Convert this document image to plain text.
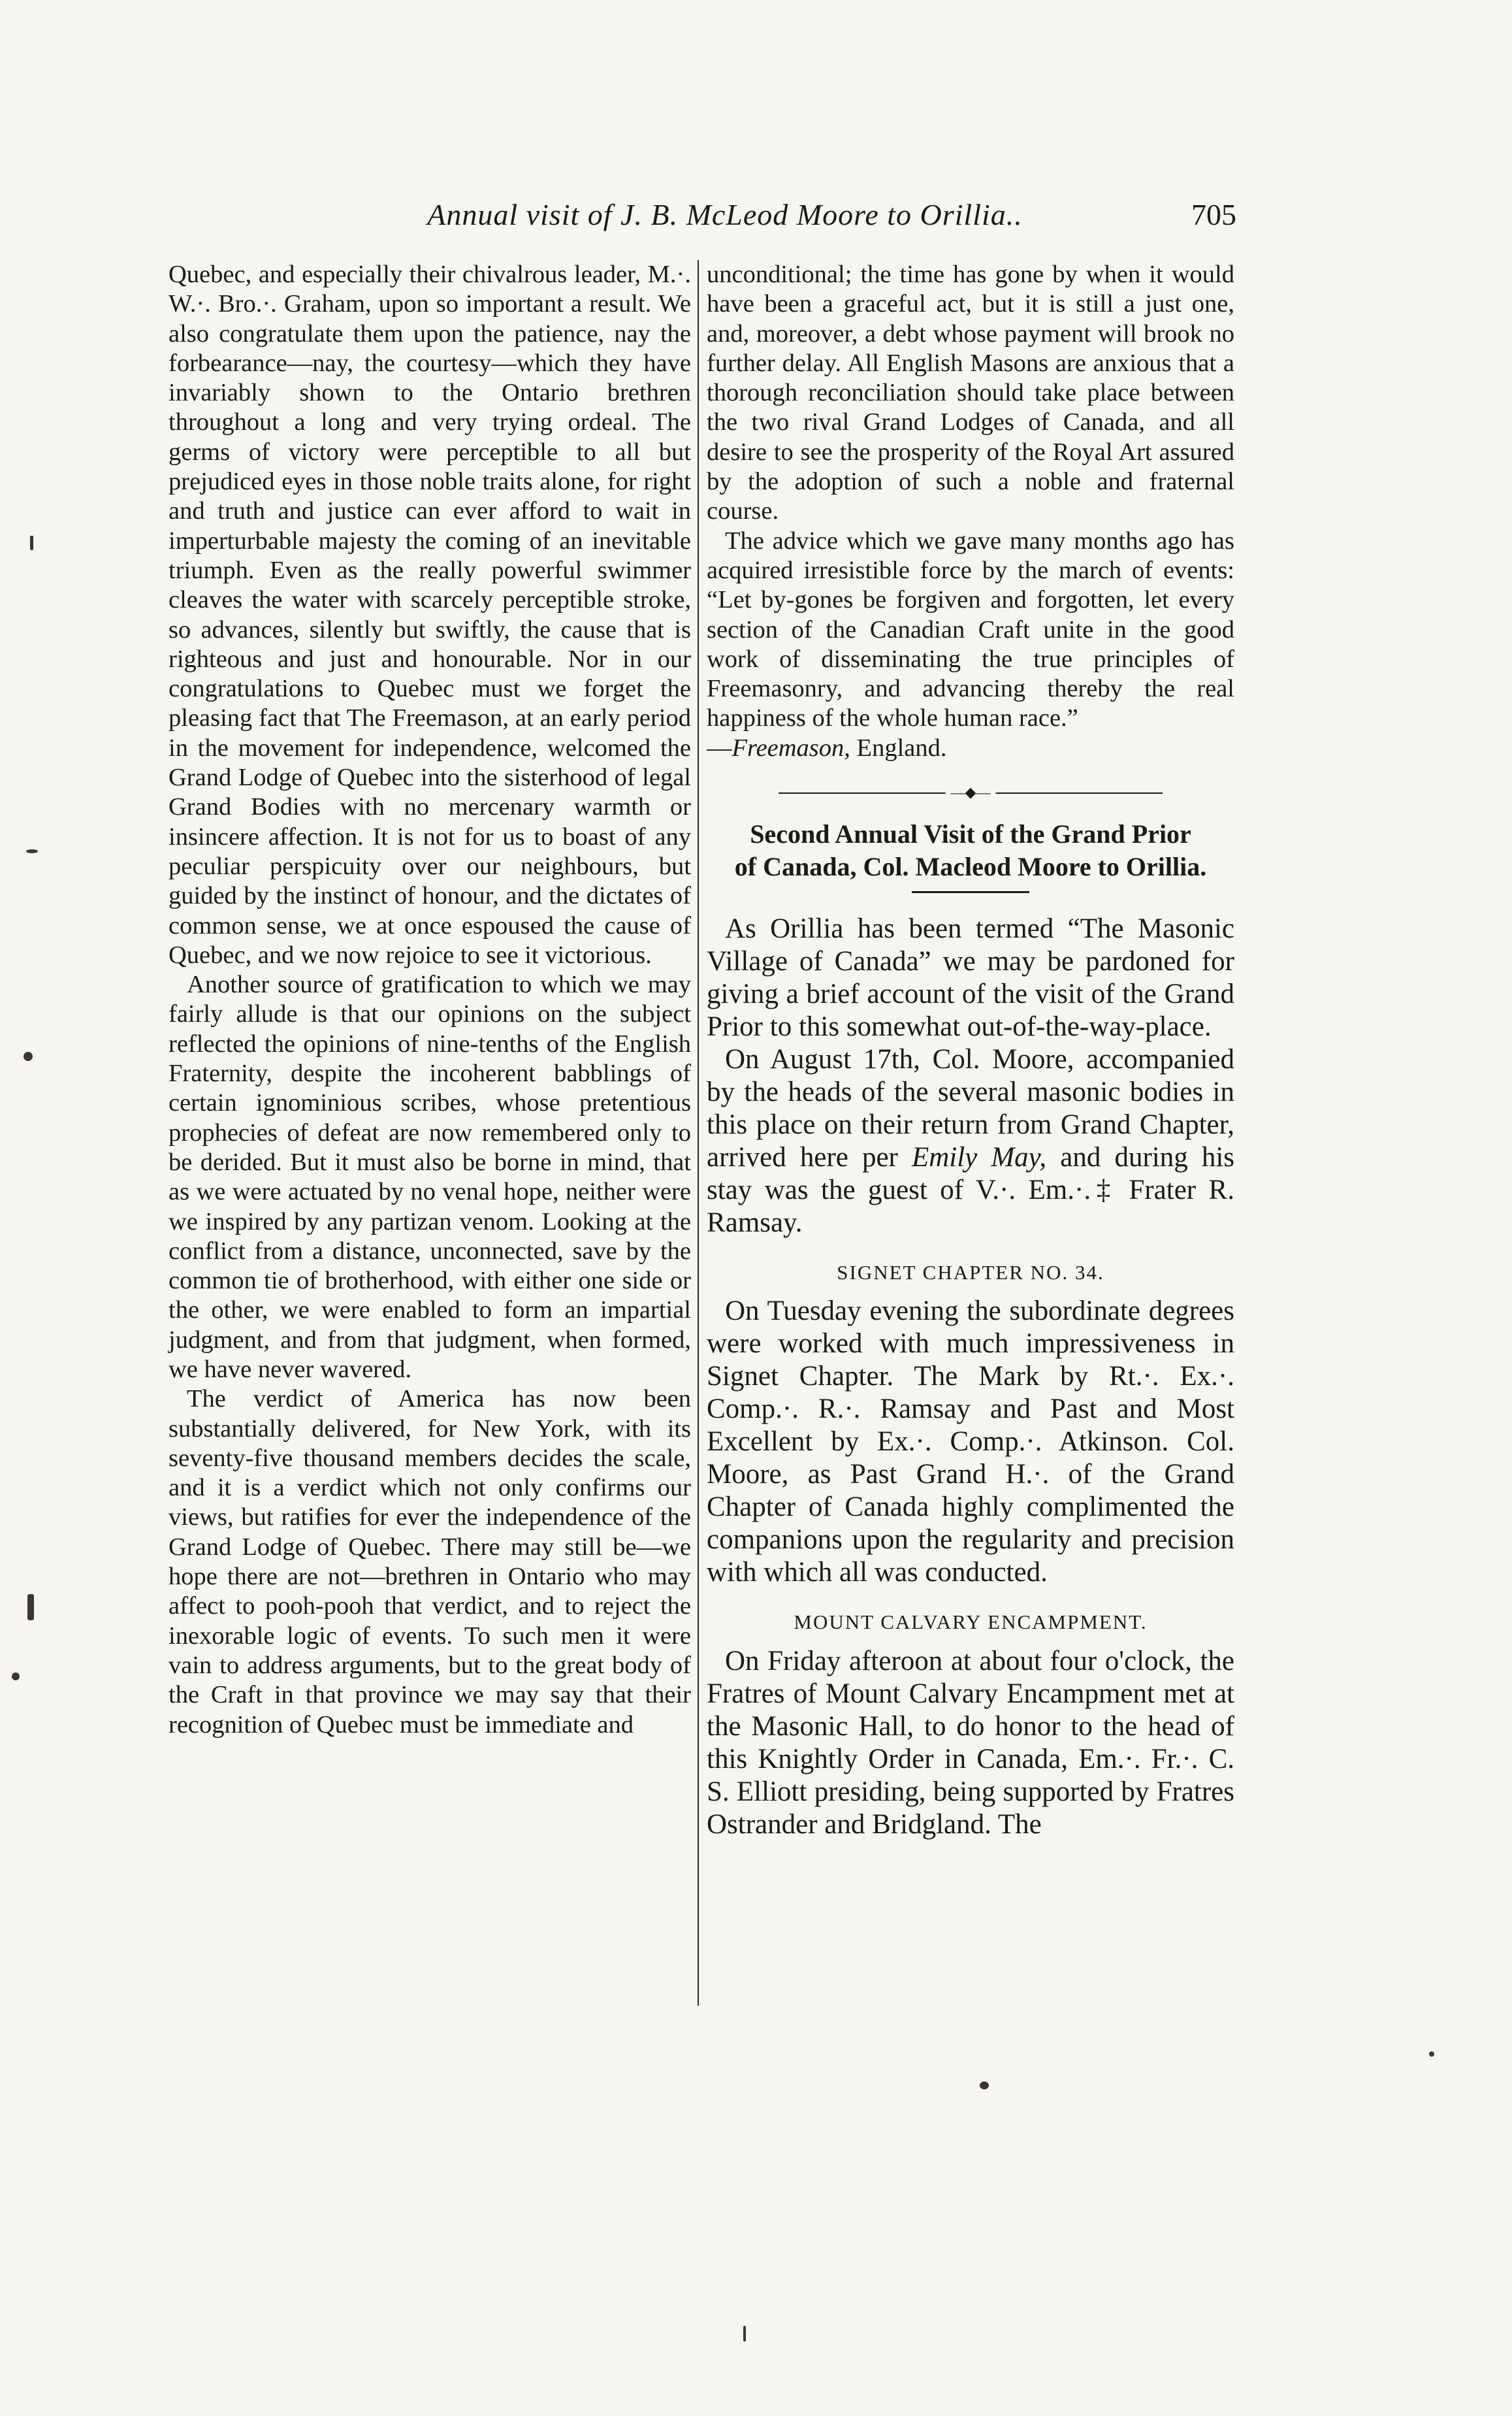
Annual visit of J. B. McLeod Moore to Orillia..	705

Quebec, and especially their chivalrous leader, M.·. W.·. Bro.·. Graham, upon so important a result. We also congratulate them upon the patience, nay the forbearance—nay, the courtesy—which they have invariably shown to the Ontario brethren throughout a long and very trying ordeal. The germs of victory were perceptible to all but prejudiced eyes in those noble traits alone, for right and truth and justice can ever afford to wait in imperturbable majesty the coming of an inevitable triumph. Even as the really powerful swimmer cleaves the water with scarcely perceptible stroke, so advances, silently but swiftly, the cause that is righteous and just and honourable. Nor in our congratulations to Quebec must we forget the pleasing fact that The Freemason, at an early period in the movement for independence, welcomed the Grand Lodge of Quebec into the sisterhood of legal Grand Bodies with no mercenary warmth or insincere affection. It is not for us to boast of any peculiar perspicuity over our neighbours, but guided by the instinct of honour, and the dictates of common sense, we at once espoused the cause of Quebec, and we now rejoice to see it victorious.

Another source of gratification to which we may fairly allude is that our opinions on the subject reflected the opinions of nine-tenths of the English Fraternity, despite the incoherent babblings of certain ignominious scribes, whose pretentious prophecies of defeat are now remembered only to be derided. But it must also be borne in mind, that as we were actuated by no venal hope, neither were we inspired by any partizan venom. Looking at the conflict from a distance, unconnected, save by the common tie of brotherhood, with either one side or the other, we were enabled to form an impartial judgment, and from that judgment, when formed, we have never wavered.

The verdict of America has now been substantially delivered, for New York, with its seventy-five thousand members decides the scale, and it is a verdict which not only confirms our views, but ratifies for ever the independence of the Grand Lodge of Quebec. There may still be—we hope there are not—brethren in Ontario who may affect to pooh-pooh that verdict, and to reject the inexorable logic of events. To such men it were vain to address arguments, but to the great body of the Craft in that province we may say that their recognition of Quebec must be immediate and

unconditional; the time has gone by when it would have been a graceful act, but it is still a just one, and, moreover, a debt whose payment will brook no further delay. All English Masons are anxious that a thorough reconciliation should take place between the two rival Grand Lodges of Canada, and all desire to see the prosperity of the Royal Art assured by the adoption of such a noble and fraternal course.

The advice which we gave many months ago has acquired irresistible force by the march of events: “Let by-gones be forgiven and forgotten, let every section of the Canadian Craft unite in the good work of disseminating the true principles of Freemasonry, and advancing thereby the real happiness of the whole human race.”

—Freemason, England.

—◆—
Second Annual Visit of the Grand Prior
of Canada, Col. Macleod Moore to Orillia.

As Orillia has been termed “The Masonic Village of Canada” we may be pardoned for giving a brief account of the visit of the Grand Prior to this somewhat out-of-the-way-place.

On August 17th, Col. Moore, accompanied by the heads of the several masonic bodies in this place on their return from Grand Chapter, arrived here per Emily May, and during his stay was the guest of V.·. Em.·.‡ Frater R. Ramsay.

SIGNET CHAPTER NO. 34.

On Tuesday evening the subordinate degrees were worked with much impressiveness in Signet Chapter. The Mark by Rt.·. Ex.·. Comp.·. R.·. Ramsay and Past and Most Excellent by Ex.·. Comp.·. Atkinson. Col. Moore, as Past Grand H.·. of the Grand Chapter of Canada highly complimented the companions upon the regularity and precision with which all was conducted.

MOUNT CALVARY ENCAMPMENT.

On Friday afteroon at about four o'clock, the Fratres of Mount Calvary Encampment met at the Masonic Hall, to do honor to the head of this Knightly Order in Canada, Em.·. Fr.·. C. S. Elliott presiding, being supported by Fratres Ostrander and Bridgland. The
